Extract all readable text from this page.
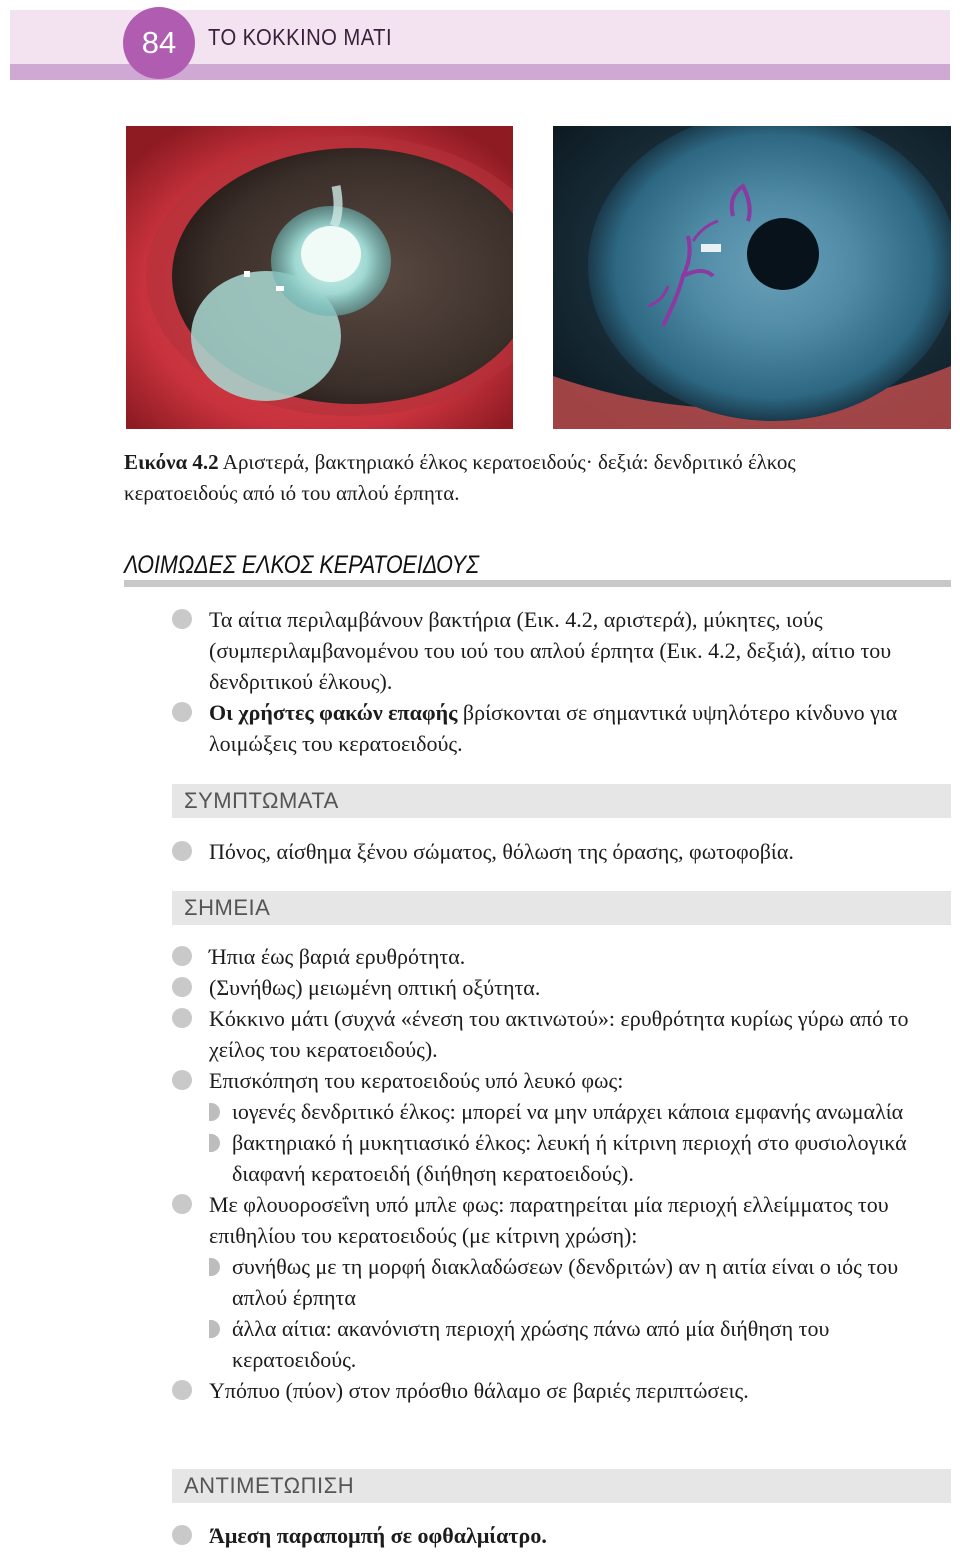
84	ΤΟ ΚΟΚΚΙΝΟ ΜΑΤΙ
Εικόνα 4.2 Αριστερά, βακτηριακό έλκος κερατοειδούς· δεξιά: δενδριτικό έλκος κερατοειδούς από ιό του απλού έρπητα.
ΛΟΙΜΩΔΕΣ ΕΛΚΟΣ ΚΕΡΑΤΟΕΙΔΟΥΣ
Τα αίτια περιλαμβάνουν βακτήρια (Εικ. 4.2, αριστερά), μύκητες, ιούς (συμπεριλαμβανομένου του ιού του απλού έρπητα (Εικ. 4.2, δεξιά), αίτιο του δενδριτικού έλκους).
Οι χρήστες φακών επαφής βρίσκονται σε σημαντικά υψηλότερο κίνδυνο για λοιμώξεις του κερατοειδούς.
ΣΥΜΠΤΩΜΑΤΑ
Πόνος, αίσθημα ξένου σώματος, θόλωση της όρασης, φωτοφοβία.
ΣΗΜΕΙΑ
Ήπια έως βαριά ερυθρότητα.
(Συνήθως) μειωμένη οπτική οξύτητα.
Κόκκινο μάτι (συχνά «ένεση του ακτινωτού»: ερυθρότητα κυρίως γύρω από το χείλος του κερατοειδούς).
Επισκόπηση του κερατοειδούς υπό λευκό φως:
ιογενές δενδριτικό έλκος: μπορεί να μην υπάρχει κάποια εμφανής ανωμαλία
βακτηριακό ή μυκητιασικό έλκος: λευκή ή κίτρινη περιοχή στο φυσιολογικά διαφανή κερατοειδή (διήθηση κερατοειδούς).
Με φλουοροσεΐνη υπό μπλε φως: παρατηρείται μία περιοχή ελλείμματος του επιθηλίου του κερατοειδούς (με κίτρινη χρώση):
συνήθως με τη μορφή διακλαδώσεων (δενδριτών) αν η αιτία είναι ο ιός του απλού έρπητα
άλλα αίτια: ακανόνιστη περιοχή χρώσης πάνω από μία διήθηση του κερατοειδούς.
Υπόπυο (πύον) στον πρόσθιο θάλαμο σε βαριές περιπτώσεις.
ΑΝΤΙΜΕΤΩΠΙΣΗ
Άμεση παραπομπή σε οφθαλμίατρο.
